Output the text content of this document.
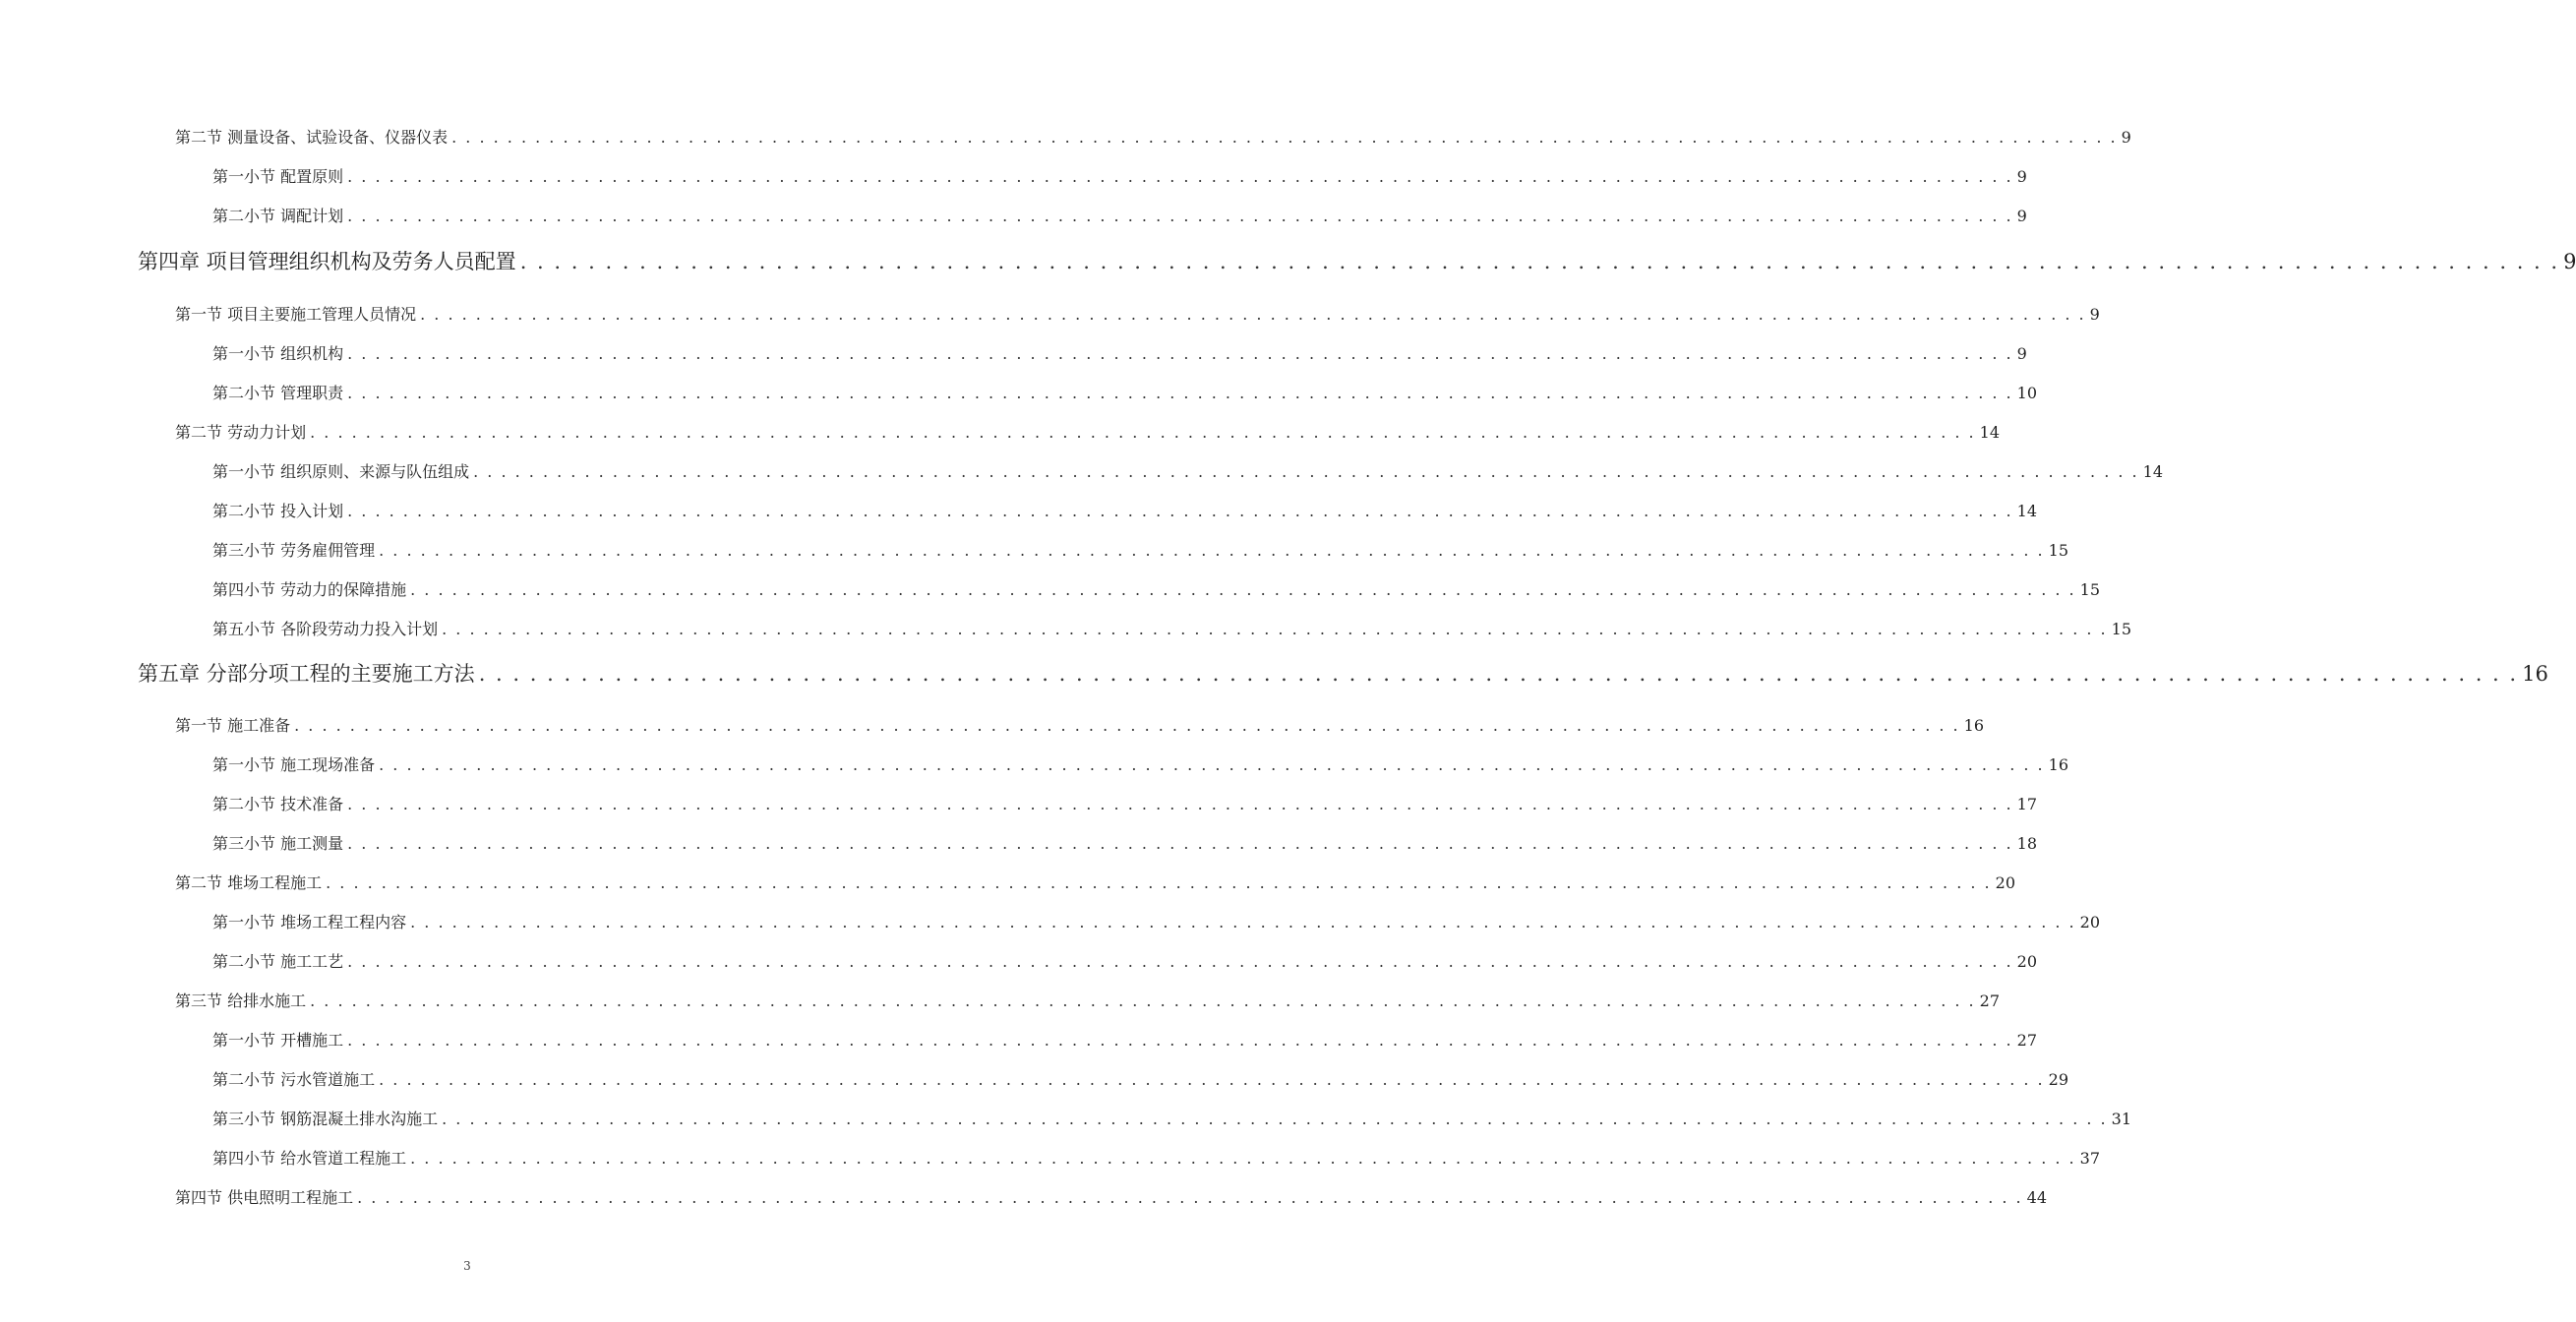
第二节 测量设备、试验设备、仪器仪表 . . . . . . . . . . . . . . . . . . . . . . . . . . . . . . . . . . . . . . . . . . . . . . . . . . . . . . . . . . . . . . . . . . . . . . . . . . . . . . . . . . . . . . . . . . . . . . . . . . . . . . . . . . . . . . . . . . . . . . . . 9
第一小节 配置原则 . . . . . . . . . . . . . . . . . . . . . . . . . . . . . . . . . . . . . . . . . . . . . . . . . . . . . . . . . . . . . . . . . . . . . . . . . . . . . . . . . . . . . . . . . . . . . . . . . . . . . . . . . . . . . . . . . . . . . . . . 9
第二小节 调配计划 . . . . . . . . . . . . . . . . . . . . . . . . . . . . . . . . . . . . . . . . . . . . . . . . . . . . . . . . . . . . . . . . . . . . . . . . . . . . . . . . . . . . . . . . . . . . . . . . . . . . . . . . . . . . . . . . . . . . . . . . 9
第四章 项目管理组织机构及劳务人员配置 . . . . . . . . . . . . . . . . . . . . . . . . . . . . . . . . . . . . . . . . . . . . . . . . . . . . . . . . . . . . . . . . . . . . . . . . . . . . . . . . . . . . . . . . . . . . . . . . . . . . . . . . . . . . . . . . . . . . . . . . 9
第一节 项目主要施工管理人员情况 . . . . . . . . . . . . . . . . . . . . . . . . . . . . . . . . . . . . . . . . . . . . . . . . . . . . . . . . . . . . . . . . . . . . . . . . . . . . . . . . . . . . . . . . . . . . . . . . . . . . . . . . . . . . . . . . . . . . . . . . 9
第一小节 组织机构 . . . . . . . . . . . . . . . . . . . . . . . . . . . . . . . . . . . . . . . . . . . . . . . . . . . . . . . . . . . . . . . . . . . . . . . . . . . . . . . . . . . . . . . . . . . . . . . . . . . . . . . . . . . . . . . . . . . . . . . . 9
第二小节 管理职责 . . . . . . . . . . . . . . . . . . . . . . . . . . . . . . . . . . . . . . . . . . . . . . . . . . . . . . . . . . . . . . . . . . . . . . . . . . . . . . . . . . . . . . . . . . . . . . . . . . . . . . . . . . . . . . . . . . . . . . . . 10
第二节 劳动力计划 . . . . . . . . . . . . . . . . . . . . . . . . . . . . . . . . . . . . . . . . . . . . . . . . . . . . . . . . . . . . . . . . . . . . . . . . . . . . . . . . . . . . . . . . . . . . . . . . . . . . . . . . . . . . . . . . . . . . . . . . 14
第一小节 组织原则、来源与队伍组成 . . . . . . . . . . . . . . . . . . . . . . . . . . . . . . . . . . . . . . . . . . . . . . . . . . . . . . . . . . . . . . . . . . . . . . . . . . . . . . . . . . . . . . . . . . . . . . . . . . . . . . . . . . . . . . . . . . . . . . . . 14
第二小节 投入计划 . . . . . . . . . . . . . . . . . . . . . . . . . . . . . . . . . . . . . . . . . . . . . . . . . . . . . . . . . . . . . . . . . . . . . . . . . . . . . . . . . . . . . . . . . . . . . . . . . . . . . . . . . . . . . . . . . . . . . . . . 14
第三小节 劳务雇佣管理 . . . . . . . . . . . . . . . . . . . . . . . . . . . . . . . . . . . . . . . . . . . . . . . . . . . . . . . . . . . . . . . . . . . . . . . . . . . . . . . . . . . . . . . . . . . . . . . . . . . . . . . . . . . . . . . . . . . . . . . . 15
第四小节 劳动力的保障措施 . . . . . . . . . . . . . . . . . . . . . . . . . . . . . . . . . . . . . . . . . . . . . . . . . . . . . . . . . . . . . . . . . . . . . . . . . . . . . . . . . . . . . . . . . . . . . . . . . . . . . . . . . . . . . . . . . . . . . . . . 15
第五小节 各阶段劳动力投入计划 . . . . . . . . . . . . . . . . . . . . . . . . . . . . . . . . . . . . . . . . . . . . . . . . . . . . . . . . . . . . . . . . . . . . . . . . . . . . . . . . . . . . . . . . . . . . . . . . . . . . . . . . . . . . . . . . . . . . . . . . 15
第五章 分部分项工程的主要施工方法 . . . . . . . . . . . . . . . . . . . . . . . . . . . . . . . . . . . . . . . . . . . . . . . . . . . . . . . . . . . . . . . . . . . . . . . . . . . . . . . . . . . . . . . . . . . . . . . . . . . . . . . . . . . . . . . . . . . . . . . . 16
第一节 施工准备 . . . . . . . . . . . . . . . . . . . . . . . . . . . . . . . . . . . . . . . . . . . . . . . . . . . . . . . . . . . . . . . . . . . . . . . . . . . . . . . . . . . . . . . . . . . . . . . . . . . . . . . . . . . . . . . . . . . . . . . . 16
第一小节 施工现场准备 . . . . . . . . . . . . . . . . . . . . . . . . . . . . . . . . . . . . . . . . . . . . . . . . . . . . . . . . . . . . . . . . . . . . . . . . . . . . . . . . . . . . . . . . . . . . . . . . . . . . . . . . . . . . . . . . . . . . . . . . 16
第二小节 技术准备 . . . . . . . . . . . . . . . . . . . . . . . . . . . . . . . . . . . . . . . . . . . . . . . . . . . . . . . . . . . . . . . . . . . . . . . . . . . . . . . . . . . . . . . . . . . . . . . . . . . . . . . . . . . . . . . . . . . . . . . . 17
第三小节 施工测量 . . . . . . . . . . . . . . . . . . . . . . . . . . . . . . . . . . . . . . . . . . . . . . . . . . . . . . . . . . . . . . . . . . . . . . . . . . . . . . . . . . . . . . . . . . . . . . . . . . . . . . . . . . . . . . . . . . . . . . . . 18
第二节 堆场工程施工 . . . . . . . . . . . . . . . . . . . . . . . . . . . . . . . . . . . . . . . . . . . . . . . . . . . . . . . . . . . . . . . . . . . . . . . . . . . . . . . . . . . . . . . . . . . . . . . . . . . . . . . . . . . . . . . . . . . . . . . . 20
第一小节 堆场工程工程内容 . . . . . . . . . . . . . . . . . . . . . . . . . . . . . . . . . . . . . . . . . . . . . . . . . . . . . . . . . . . . . . . . . . . . . . . . . . . . . . . . . . . . . . . . . . . . . . . . . . . . . . . . . . . . . . . . . . . . . . . . 20
第二小节 施工工艺 . . . . . . . . . . . . . . . . . . . . . . . . . . . . . . . . . . . . . . . . . . . . . . . . . . . . . . . . . . . . . . . . . . . . . . . . . . . . . . . . . . . . . . . . . . . . . . . . . . . . . . . . . . . . . . . . . . . . . . . . 20
第三节 给排水施工 . . . . . . . . . . . . . . . . . . . . . . . . . . . . . . . . . . . . . . . . . . . . . . . . . . . . . . . . . . . . . . . . . . . . . . . . . . . . . . . . . . . . . . . . . . . . . . . . . . . . . . . . . . . . . . . . . . . . . . . . 27
第一小节 开槽施工 . . . . . . . . . . . . . . . . . . . . . . . . . . . . . . . . . . . . . . . . . . . . . . . . . . . . . . . . . . . . . . . . . . . . . . . . . . . . . . . . . . . . . . . . . . . . . . . . . . . . . . . . . . . . . . . . . . . . . . . . 27
第二小节 污水管道施工 . . . . . . . . . . . . . . . . . . . . . . . . . . . . . . . . . . . . . . . . . . . . . . . . . . . . . . . . . . . . . . . . . . . . . . . . . . . . . . . . . . . . . . . . . . . . . . . . . . . . . . . . . . . . . . . . . . . . . . . . 29
第三小节 钢筋混凝土排水沟施工 . . . . . . . . . . . . . . . . . . . . . . . . . . . . . . . . . . . . . . . . . . . . . . . . . . . . . . . . . . . . . . . . . . . . . . . . . . . . . . . . . . . . . . . . . . . . . . . . . . . . . . . . . . . . . . . . . . . . . . . . 31
第四小节 给水管道工程施工 . . . . . . . . . . . . . . . . . . . . . . . . . . . . . . . . . . . . . . . . . . . . . . . . . . . . . . . . . . . . . . . . . . . . . . . . . . . . . . . . . . . . . . . . . . . . . . . . . . . . . . . . . . . . . . . . . . . . . . . . 37
第四节 供电照明工程施工 . . . . . . . . . . . . . . . . . . . . . . . . . . . . . . . . . . . . . . . . . . . . . . . . . . . . . . . . . . . . . . . . . . . . . . . . . . . . . . . . . . . . . . . . . . . . . . . . . . . . . . . . . . . . . . . . . . . . . . . . 44
3
